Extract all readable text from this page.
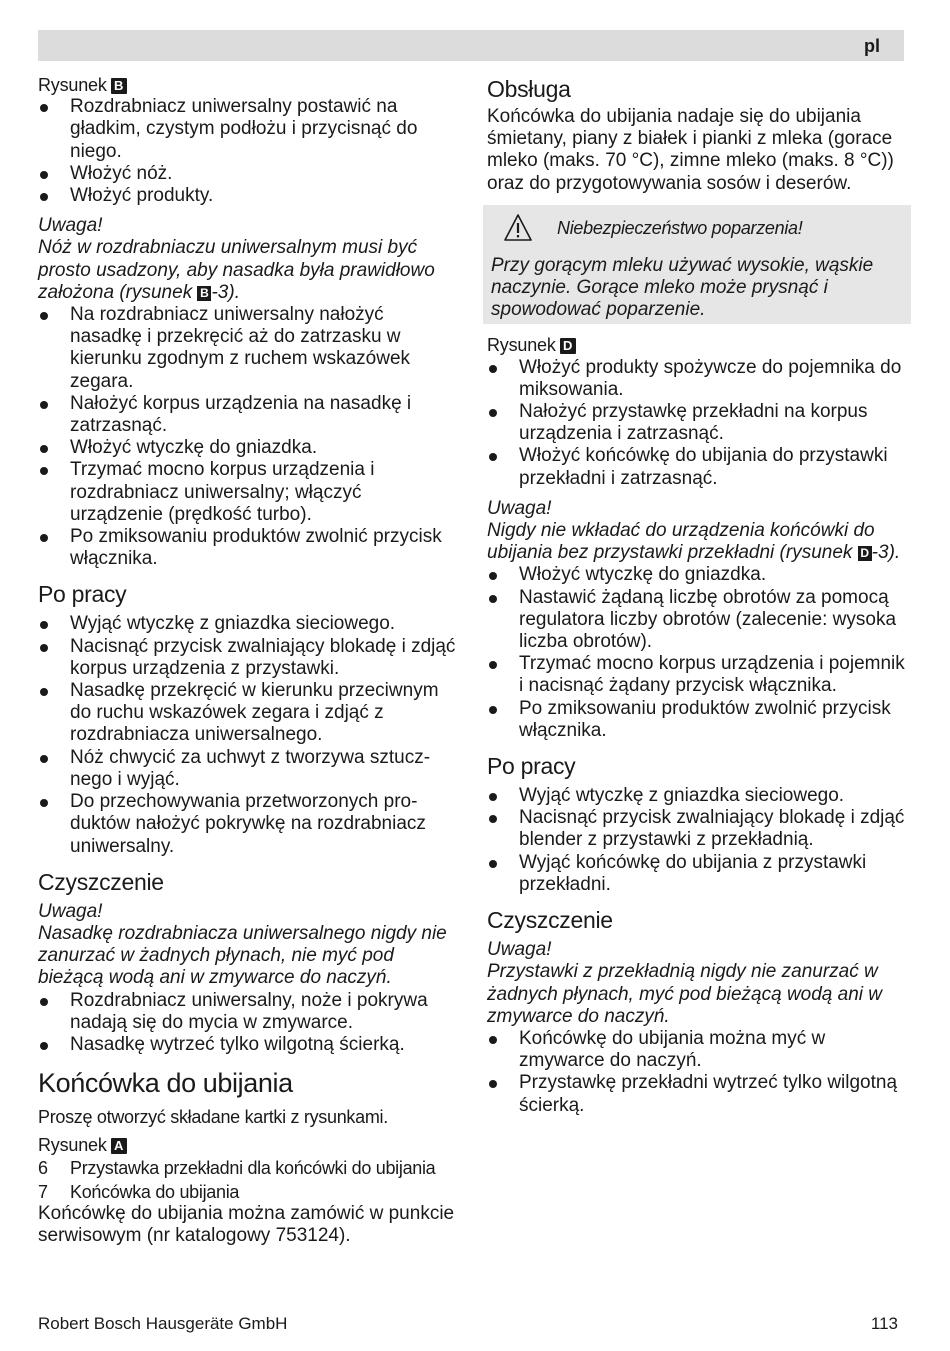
pl

Rysunek B

Rozdrabniacz uniwersalny postawić na gładkim, czystym podłożu i przycisnąć do niego.
Włożyć nóż.
Włożyć produkty.

Uwaga!

Nóż w rozdrabniaczu uniwersalnym musi być prosto usadzony, aby nasadka była prawidłowo założona (rysunek B -3).

Na rozdrabniacz uniwersalny nałożyć nasadkę i przekręcić aż do zatrzasku w kierunku zgodnym z ruchem wskazówek zegara.
Nałożyć korpus urządzenia na nasadkę i zatrzasnąć.
Włożyć wtyczkę do gniazdka.
Trzymać mocno korpus urządzenia i rozdrabniacz uniwersalny; włączyć urządzenie (prędkość turbo).
Po zmiksowaniu produktów zwolnić przycisk włącznika.
Po pracy
Wyjąć wtyczkę z gniazdka sieciowego.
Nacisnąć przycisk zwalniający blokadę i zdjąć korpus urządzenia z przystawki.
Nasadkę przekręcić w kierunku przeciwnym do ruchu wskazówek zegara i zdjąć z rozdrabniacza uniwersalnego.
Nóż chwycić za uchwyt z tworzywa sztucznego i wyjąć.
Do przechowywania przetworzonych produktów nałożyć pokrywkę na rozdrabniacz uniwersalny.
Czyszczenie

Uwaga!

Nasadkę rozdrabniacza uniwersalnego nigdy nie zanurzać w żadnych płynach, nie myć pod bieżącą wodą ani w zmywarce do naczyń.

Rozdrabniacz uniwersalny, noże i pokrywa nadają się do mycia w zmywarce.
Nasadkę wytrzeć tylko wilgotną ścierką.
Końcówka do ubijania

Proszę otworzyć składane kartki z rysunkami.

Rysunek A

6 Przystawka przekładni dla końcówki do ubijania
7 Końcówka do ubijania

Końcówkę do ubijania można zamówić w punkcie serwisowym (nr katalogowy 753124).

Obsługa

Końcówka do ubijania nadaje się do ubijania śmietany, piany z białek i pianki z mleka (gorace mleko (maks. 70 °C), zimne mleko (maks. 8 °C)) oraz do przygotowywania sosów i deserów.

Niebezpieczeństwo poparzenia!

Przy gorącym mleku używać wysokie, wąskie naczynie. Gorące mleko może prysnąć i spowodować poparzenie.

Rysunek D

Włożyć produkty spożywcze do pojemnika do miksowania.
Nałożyć przystawkę przekładni na korpus urządzenia i zatrzasnąć.
Włożyć końcówkę do ubijania do przystawki przekładni i zatrzasnąć.

Uwaga!

Nigdy nie wkładać do urządzenia końcówki do ubijania bez przystawki przekładni (rysunek D -3).

Włożyć wtyczkę do gniazdka.
Nastawić żądaną liczbę obrotów za pomocą regulatora liczby obrotów (zalecenie: wysoka liczba obrotów).
Trzymać mocno korpus urządzenia i pojemnik i nacisnąć żądany przycisk włącznika.
Po zmiksowaniu produktów zwolnić przycisk włącznika.
Po pracy
Wyjąć wtyczkę z gniazdka sieciowego.
Nacisnąć przycisk zwalniający blokadę i zdjąć blender z przystawki z przekładnią.
Wyjąć końcówkę do ubijania z przystawki przekładni.
Czyszczenie

Uwaga!

Przystawki z przekładnią nigdy nie zanurzać w żadnych płynach, myć pod bieżącą wodą ani w zmywarce do naczyń.

Końcówkę do ubijania można myć w zmywarce do naczyń.
Przystawkę przekładni wytrzeć tylko wilgotną ścierką.
Robert Bosch Hausgeräte GmbH	113
